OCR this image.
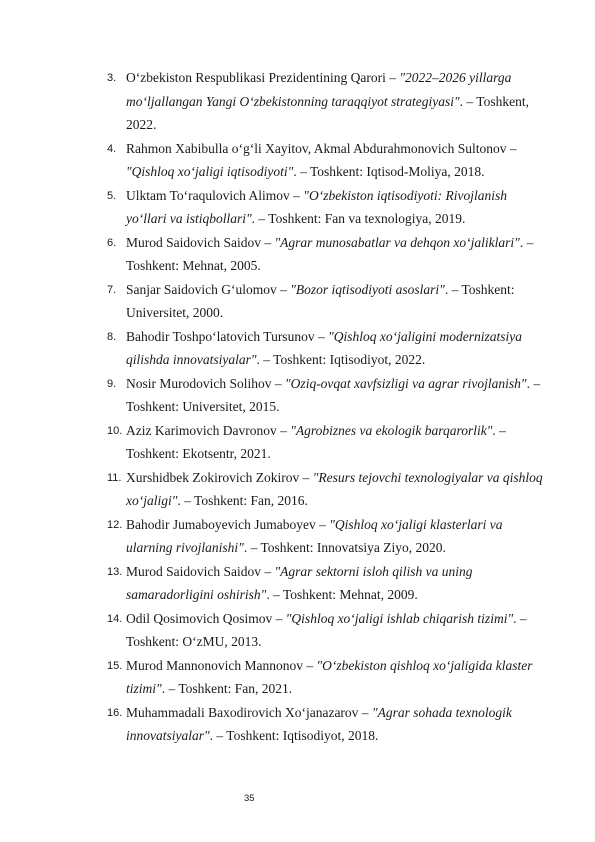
3. O‘zbekiston Respublikasi Prezidentining Qarori – "2022–2026 yillarga mo‘ljallangan Yangi O‘zbekistonning taraqqiyot strategiyasi". – Toshkent, 2022.
4. Rahmon Xabibulla o‘g‘li Xayitov, Akmal Abdurahmonovich Sultonov – "Qishloq xo‘jaligi iqtisodiyoti". – Toshkent: Iqtisod-Moliya, 2018.
5. Ulktam To‘raqulovich Alimov – "O‘zbekiston iqtisodiyoti: Rivojlanish yo‘llari va istiqbollari". – Toshkent: Fan va texnologiya, 2019.
6. Murod Saidovich Saidov – "Agrar munosabatlar va dehqon xo‘jaliklari". – Toshkent: Mehnat, 2005.
7. Sanjar Saidovich G‘ulomov – "Bozor iqtisodiyoti asoslari". – Toshkent: Universitet, 2000.
8. Bahodir Toshpo‘latovich Tursunov – "Qishloq xo‘jaligini modernizatsiya qilishda innovatsiyalar". – Toshkent: Iqtisodiyot, 2022.
9. Nosir Murodovich Solihov – "Oziq-ovqat xavfsizligi va agrar rivojlanish". – Toshkent: Universitet, 2015.
10. Aziz Karimovich Davronov – "Agrobiznes va ekologik barqarorlik". – Toshkent: Ekotsentr, 2021.
11. Xurshidbek Zokirovich Zokirov – "Resurs tejovchi texnologiyalar va qishloq xo‘jaligi". – Toshkent: Fan, 2016.
12. Bahodir Jumaboyevich Jumaboyev – "Qishloq xo‘jaligi klasterlari va ularning rivojlanishi". – Toshkent: Innovatsiya Ziyo, 2020.
13. Murod Saidovich Saidov – "Agrar sektorni isloh qilish va uning samaradorligini oshirish". – Toshkent: Mehnat, 2009.
14. Odil Qosimovich Qosimov – "Qishloq xo‘jaligi ishlab chiqarish tizimi". – Toshkent: O‘zMU, 2013.
15. Murod Mannonovich Mannonov – "O‘zbekiston qishloq xo‘jaligida klaster tizimi". – Toshkent: Fan, 2021.
16. Muhammadali Baxodirovich Xo‘janazarov – "Agrar sohada texnologik innovatsiyalar". – Toshkent: Iqtisodiyot, 2018.
35
